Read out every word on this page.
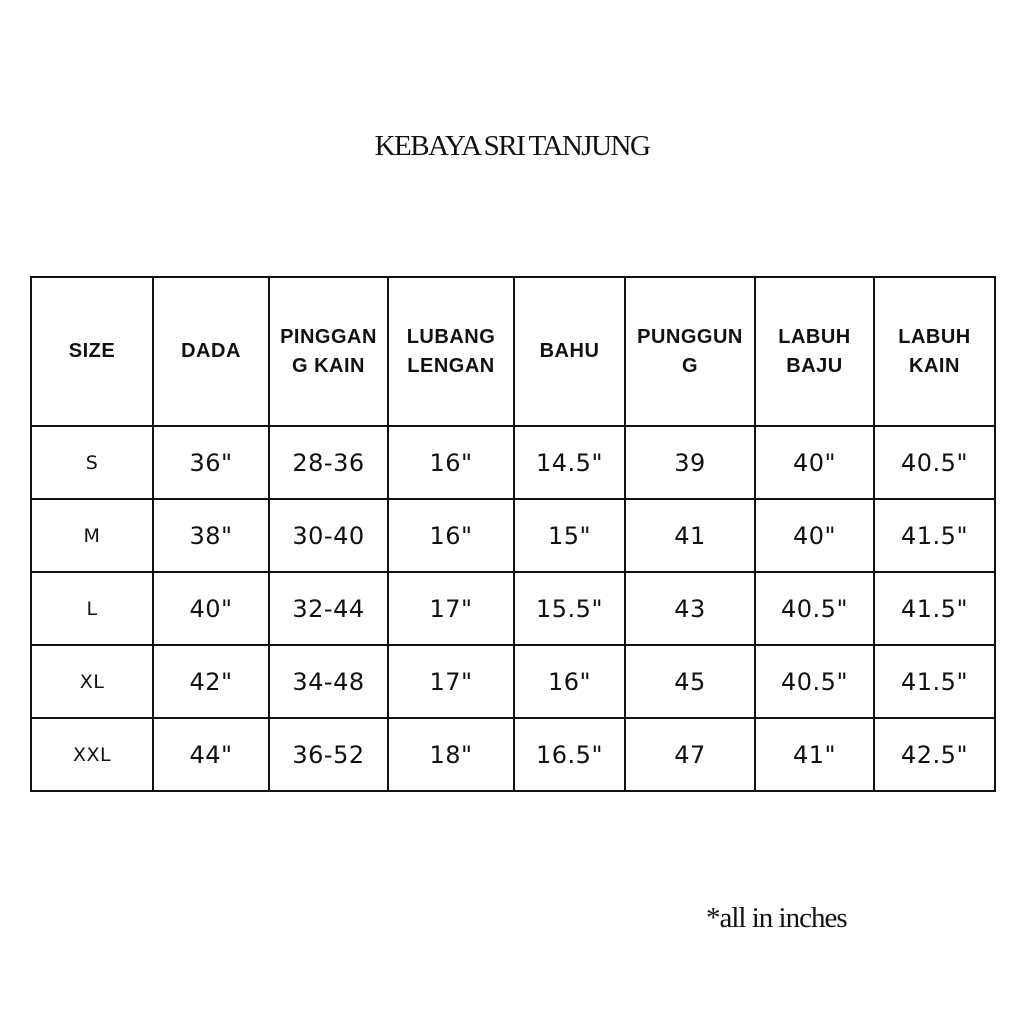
KEBAYA SRI TANJUNG
SIZE	DADA	PINGGANG KAIN	LUBANG LENGAN	BAHU	PUNGGUNG	LABUH BAJU	LABUH KAIN
S	36"	28-36	16"	14.5"	39	40"	40.5"
M	38"	30-40	16"	15"	41	40"	41.5"
L	40"	32-44	17"	15.5"	43	40.5"	41.5"
XL	42"	34-48	17"	16"	45	40.5"	41.5"
XXL	44"	36-52	18"	16.5"	47	41"	42.5"
*all in inches
